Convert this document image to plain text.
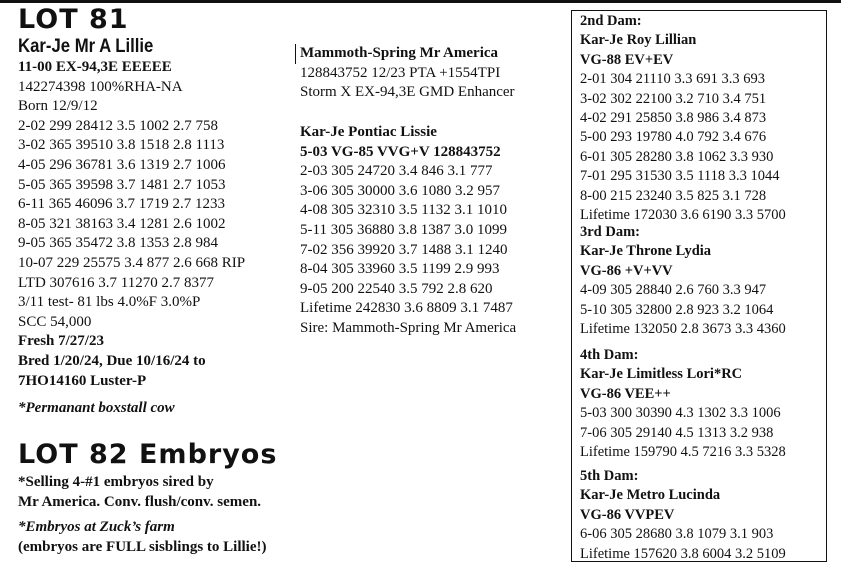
LOT 81
Kar-Je Mr A Lillie
11-00 EX-94,3E EEEEE
142274398 100%RHA-NA
Born 12/9/12
2-02 299 28412 3.5 1002 2.7 758
3-02 365 39510 3.8 1518 2.8 1113
4-05 296 36781 3.6 1319 2.7 1006
5-05 365 39598 3.7 1481 2.7 1053
6-11 365 46096 3.7 1719 2.7 1233
8-05 321 38163 3.4 1281 2.6 1002
9-05 365 35472 3.8 1353 2.8 984
10-07 229 25575 3.4 877 2.6 668 RIP
LTD 307616 3.7 11270 2.7 8377
3/11 test- 81 lbs 4.0%F 3.0%P
SCC 54,000
Fresh 7/27/23
Bred 1/20/24, Due 10/16/24 to
7HO14160 Luster-P
*Permanant boxstall cow
LOT 82 Embryos
*Selling 4-#1 embryos sired by
Mr America. Conv. flush/conv. semen.
*Embryos at Zuck’s farm
(embryos are FULL sisblings to Lillie!)
Mammoth-Spring Mr America
128843752 12/23 PTA +1554TPI
Storm X EX-94,3E GMD Enhancer
Kar-Je Pontiac Lissie
5-03 VG-85 VVG+V 128843752
2-03 305 24720 3.4 846 3.1 777
3-06 305 30000 3.6 1080 3.2 957
4-08 305 32310 3.5 1132 3.1 1010
5-11 305 36880 3.8 1387 3.0 1099
7-02 356 39920 3.7 1488 3.1 1240
8-04 305 33960 3.5 1199 2.9 993
9-05 200 22540 3.5 792 2.8 620
Lifetime 242830 3.6 8809 3.1 7487
Sire: Mammoth-Spring Mr America
2nd Dam:
Kar-Je Roy Lillian
VG-88 EV+EV
2-01 304 21110 3.3 691 3.3 693
3-02 302 22100 3.2 710 3.4 751
4-02 291 25850 3.8 986 3.4 873
5-00 293 19780 4.0 792 3.4 676
6-01 305 28280 3.8 1062 3.3 930
7-01 295 31530 3.5 1118 3.3 1044
8-00 215 23240 3.5 825 3.1 728
Lifetime 172030 3.6 6190 3.3 5700
3rd Dam:
Kar-Je Throne Lydia
VG-86 +V+VV
4-09 305 28840 2.6 760 3.3 947
5-10 305 32800 2.8 923 3.2 1064
Lifetime 132050 2.8 3673 3.3 4360
4th Dam:
Kar-Je Limitless Lori*RC
VG-86 VEE++
5-03 300 30390 4.3 1302 3.3 1006
7-06 305 29140 4.5 1313 3.2 938
Lifetime 159790 4.5 7216 3.3 5328
5th Dam:
Kar-Je Metro Lucinda
VG-86 VVPEV
6-06 305 28680 3.8 1079 3.1 903
Lifetime 157620 3.8 6004 3.2 5109
